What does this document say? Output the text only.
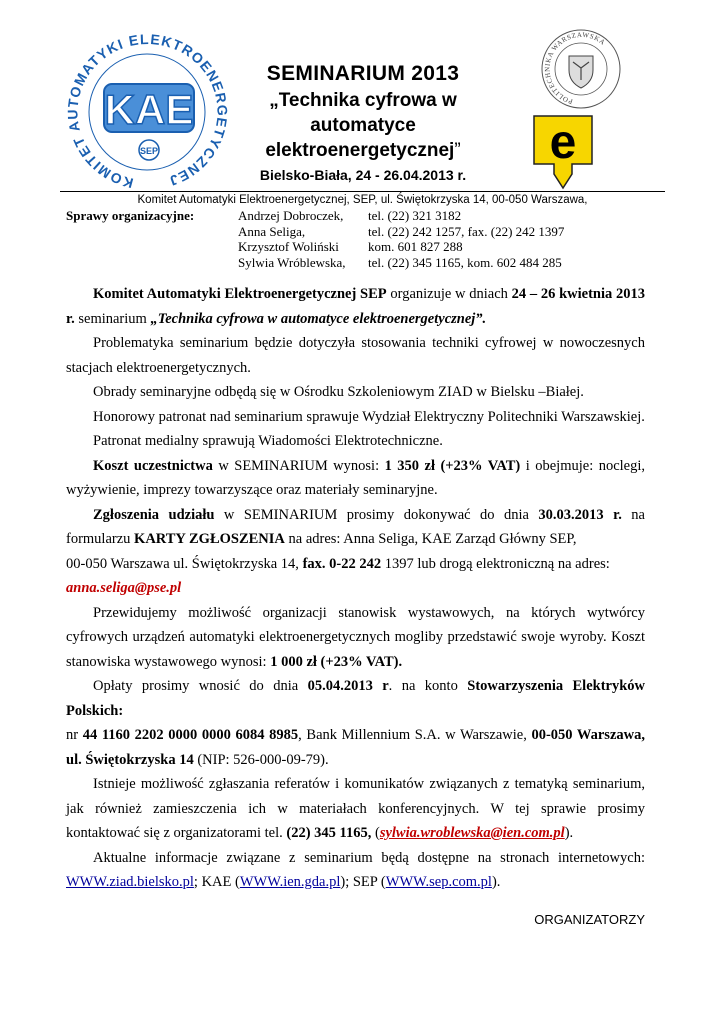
KOMITET AUTOMATYKI ELEKTROENERGETYCZNEJ
KAE
SEP
SEMINARIUM 2013
„Technika cyfrowa w
automatyce
elektroenergetycznej”
Bielsko-Biała, 24 - 26.04.2013 r.
POLITECHNIKA WARSZAWSKA
e
Komitet Automatyki Elektroenergetycznej, SEP, ul. Świętokrzyska 14, 00-050 Warszawa,
Sprawy organizacyjne:	Andrzej Dobroczek,
Anna Seliga,
Krzysztof Woliński
Sylwia Wróblewska,
tel. (22) 321 3182
tel. (22) 242 1257, fax. (22) 242 1397
kom. 601 827 288
tel. (22) 345 1165, kom. 602 484 285

Komitet Automatyki Elektroenergetycznej SEP organizuje w dniach 24 – 26 kwietnia 2013 r. seminarium „Technika cyfrowa w automatyce elektroenergetycznej”.

Problematyka seminarium będzie dotyczyła stosowania techniki cyfrowej w nowoczesnych stacjach elektroenergetycznych.

Obrady seminaryjne odbędą się w Ośrodku Szkoleniowym ZIAD w Bielsku –Białej.

Honorowy patronat nad seminarium sprawuje Wydział Elektryczny Politechniki Warszawskiej.

Patronat medialny sprawują Wiadomości Elektrotechniczne.

Koszt uczestnictwa w SEMINARIUM wynosi: 1 350 zł (+23% VAT) i obejmuje: noclegi, wyżywienie, imprezy towarzyszące oraz materiały seminaryjne.

Zgłoszenia udziału w SEMINARIUM prosimy dokonywać do dnia 30.03.2013 r. na formularzu KARTY ZGŁOSZENIA na adres: Anna Seliga, KAE Zarząd Główny SEP,

00-050 Warszawa ul. Świętokrzyska 14, fax. 0-22 242 1397 lub drogą elektroniczną na adres:

anna.seliga@pse.pl

Przewidujemy możliwość organizacji stanowisk wystawowych, na których wytwórcy cyfrowych urządzeń automatyki elektroenergetycznych mogliby przedstawić swoje wyroby. Koszt stanowiska wystawowego wynosi: 1 000 zł (+23% VAT).

Opłaty prosimy wnosić do dnia 05.04.2013 r. na konto Stowarzyszenia Elektryków Polskich:

nr 44 1160 2202 0000 0000 6084 8985, Bank Millennium S.A. w Warszawie, 00-050 Warszawa, ul. Świętokrzyska 14 (NIP: 526-000-09-79).

Istnieje możliwość zgłaszania referatów i komunikatów związanych z tematyką seminarium, jak również zamieszczenia ich w materiałach konferencyjnych. W tej sprawie prosimy kontaktować się z organizatorami tel. (22) 345 1165, (sylwia.wroblewska@ien.com.pl).

Aktualne informacje związane z seminarium będą dostępne na stronach internetowych: WWW.ziad.bielsko.pl; KAE (WWW.ien.gda.pl); SEP (WWW.sep.com.pl).

ORGANIZATORZY
